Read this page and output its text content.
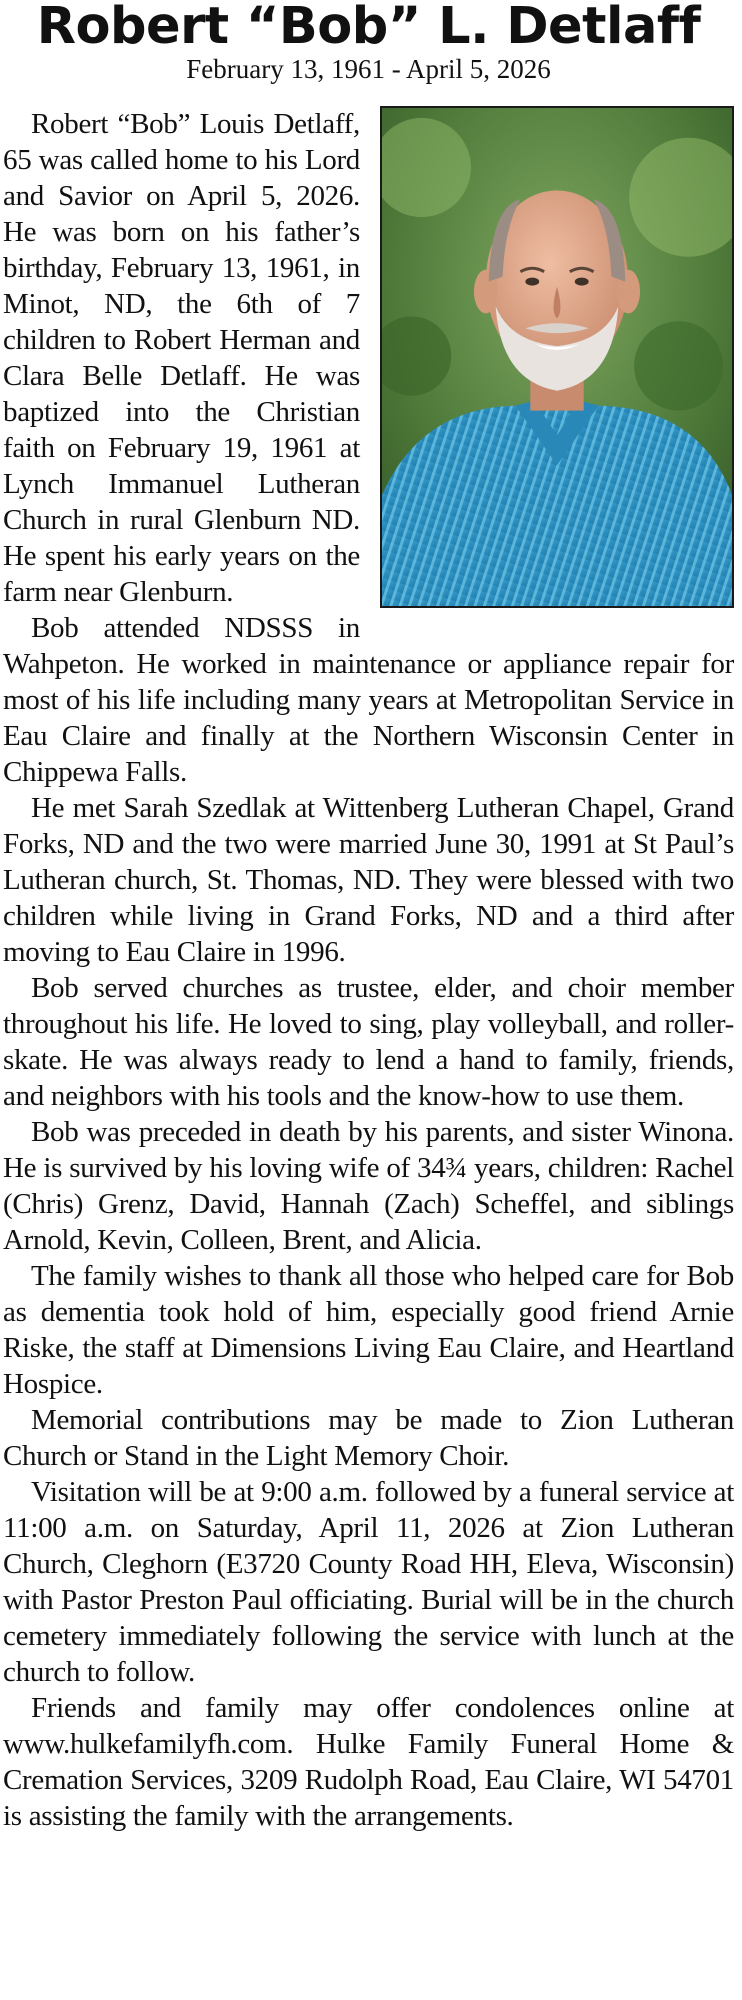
Robert “Bob” L. Detlaff
February 13, 1961 - April 5, 2026

Robert “Bob” Louis Detlaff, 65 was called home to his Lord and Savior on April 5, 2026. He was born on his father’s birthday, February 13, 1961, in Minot, ND, the 6th of 7 children to Robert Herman and Clara Belle Detlaff. He was baptized into the Christian faith on February 19, 1961 at Lynch Immanuel Lutheran Church in rural Glenburn ND. He spent his early years on the farm near Glenburn.

Bob attended NDSSS in Wahpeton. He worked in maintenance or appliance repair for most of his life including many years at Metropolitan Service in Eau Claire and finally at the Northern Wisconsin Center in Chippewa Falls.

He met Sarah Szedlak at Wittenberg Lutheran Chapel, Grand Forks, ND and the two were married June 30, 1991 at St Paul’s Lutheran church, St. Thomas, ND. They were blessed with two children while living in Grand Forks, ND and a third after moving to Eau Claire in 1996.

Bob served churches as trustee, elder, and choir member throughout his life. He loved to sing, play volleyball, and roller-skate. He was always ready to lend a hand to family, friends, and neighbors with his tools and the know-how to use them.

Bob was preceded in death by his parents, and sister Winona. He is survived by his loving wife of 34¾ years, children: Rachel (Chris) Grenz, David, Hannah (Zach) Scheffel, and siblings Arnold, Kevin, Colleen, Brent, and Alicia.

The family wishes to thank all those who helped care for Bob as dementia took hold of him, especially good friend Arnie Riske, the staff at Dimensions Living Eau Claire, and Heartland Hospice.

Memorial contributions may be made to Zion Lutheran Church or Stand in the Light Memory Choir.

Visitation will be at 9:00 a.m. followed by a funeral service at 11:00 a.m. on Saturday, April 11, 2026 at Zion Lutheran Church, Cleghorn (E3720 County Road HH, Eleva, Wisconsin) with Pastor Preston Paul officiating. Burial will be in the church cemetery immediately following the service with lunch at the church to follow.

Friends and family may offer condolences online at www.hulkefamilyfh.com. Hulke Family Funeral Home & Cremation Services, 3209 Rudolph Road, Eau Claire, WI 54701 is assisting the family with the arrangements.
